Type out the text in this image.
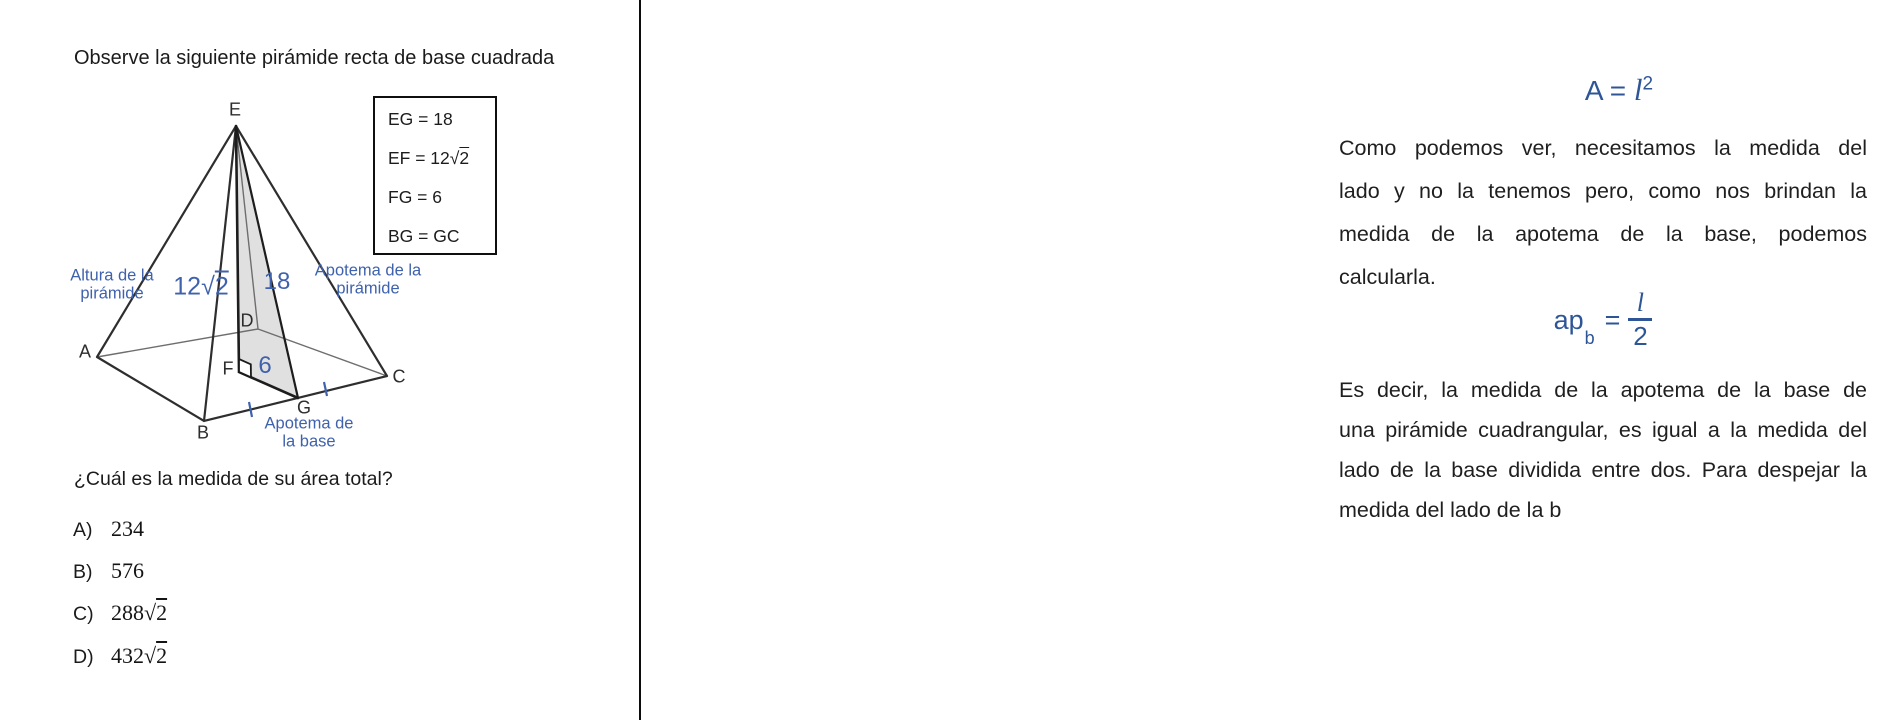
Observe la siguiente pirámide recta de base cuadrada
E
A
B
C
D
F
G
12√2 18
6
Altura de la
pirámide
Apotema de la
pirámide
Apotema de
la base
EG = 18
EF = 12√2
FG = 6
BG = GC
¿Cuál es la medida de su área total?
A) 234
B) 576
C) 288√2
D) 432√2
$A = l^2$
Como podemos ver, necesitamos la medida del
lado y no la tenemos pero, como nos brindan la
medida de la apotema de la base, podemos
calcularla.
ap
b
= $\frac{l}{2}$
Es decir, la medida de la apotema de la base de
una pirámide cuadrangular, es igual a la medida del
lado de la base dividida entre dos. Para despejar la
medida del lado de la b
